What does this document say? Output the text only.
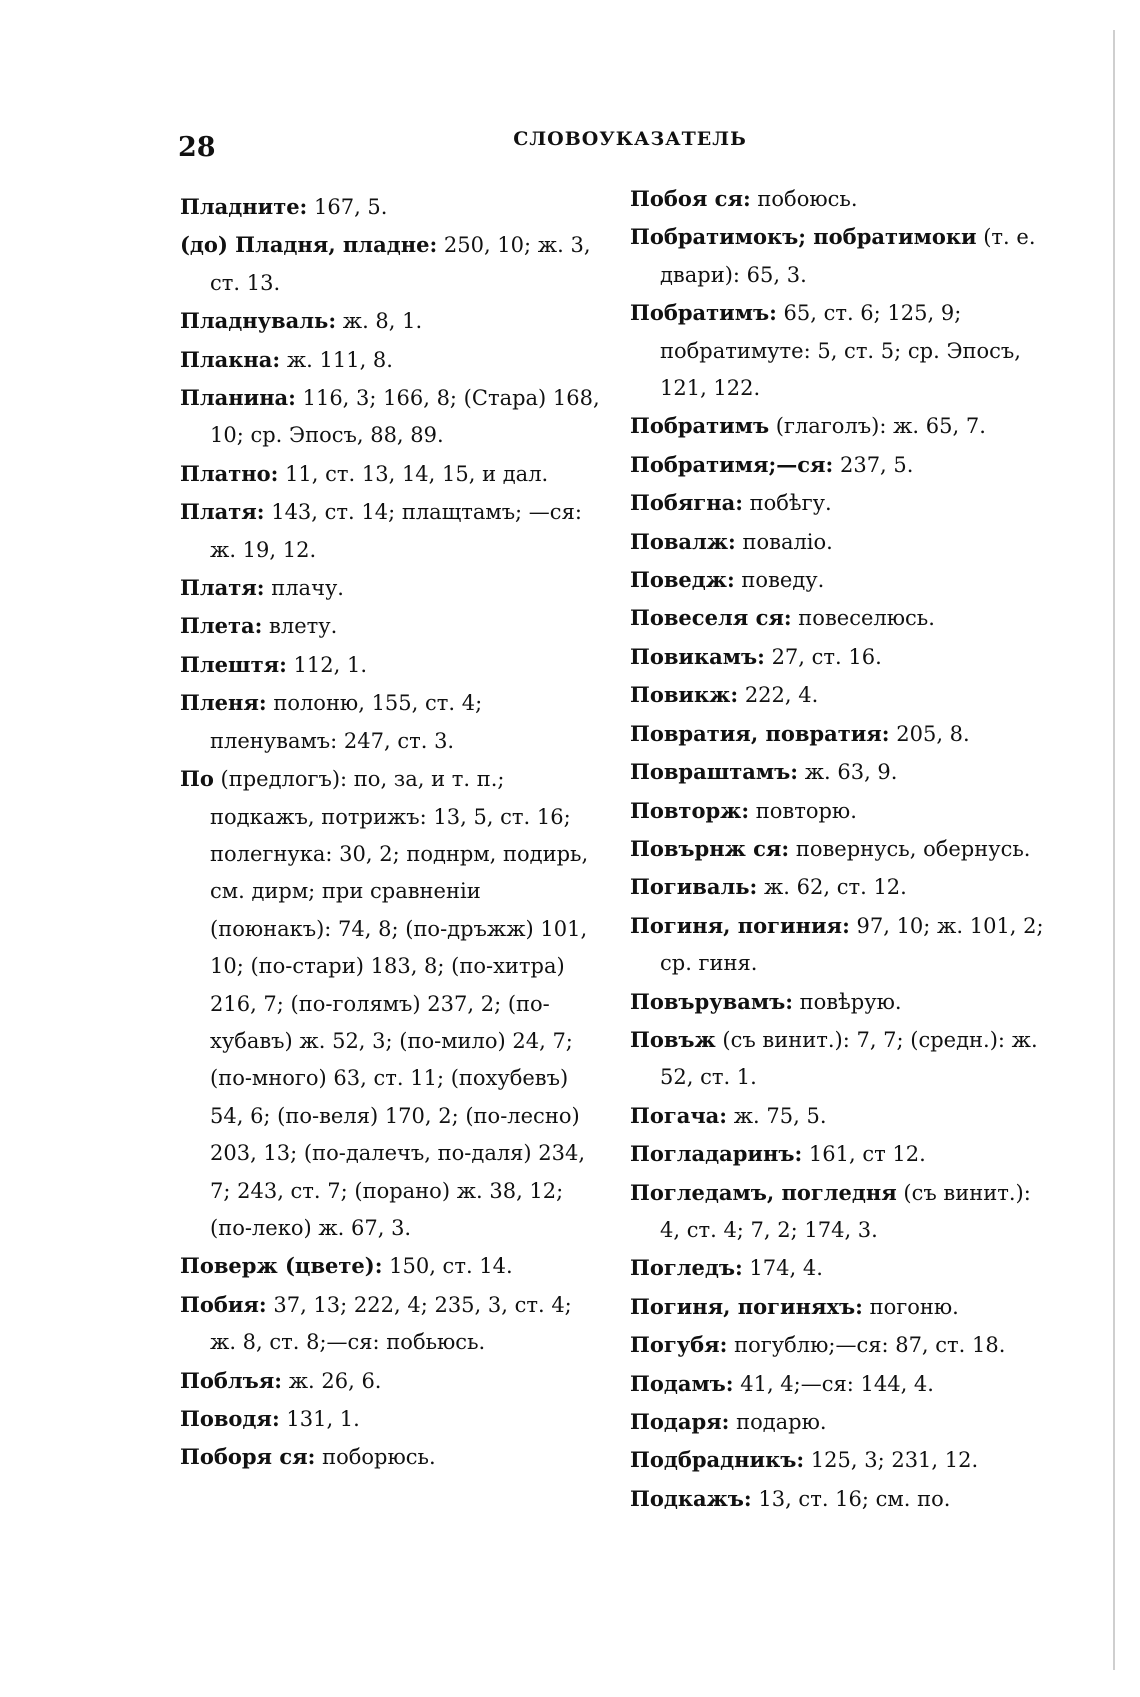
28	СЛОВОУКАЗАТЕЛЬ

Пладните: 167, 5.

(до) Пладня, пладне: 250, 10; ж. 3, ст. 13.

Пладнуваль: ж. 8, 1.

Плакна: ж. 111, 8.

Планина: 116, 3; 166, 8; (Стара) 168, 10; ср. Эпосъ, 88, 89.

Платно: 11, ст. 13, 14, 15, и дал.

Платя: 143, ст. 14; плащтамъ; —ся: ж. 19, 12.

Платя: плачу.

Плета: влету.

Плештя: 112, 1.

Пленя: полоню, 155, ст. 4; пленувамъ: 247, ст. 3.

По (предлогъ): по, за, и т. п.; подкажъ, потрижъ: 13, 5, ст. 16; полегнука: 30, 2; поднрм, подирь, см. дирм; при сравненіи (поюнакъ): 74, 8; (по-дръжж) 101, 10; (по-стари) 183, 8; (по-хитра) 216, 7; (по-голямъ) 237, 2; (по-хубавъ) ж. 52, 3; (по-мило) 24, 7; (по-много) 63, ст. 11; (похубевъ) 54, 6; (по-веля) 170, 2; (по-лесно) 203, 13; (по-далечъ, по-даля) 234, 7; 243, ст. 7; (порано) ж. 38, 12; (по-леко) ж. 67, 3.

Поверж (цвете): 150, ст. 14.

Побия: 37, 13; 222, 4; 235, 3, ст. 4; ж. 8, ст. 8;—ся: побьюсь.

Поблъя: ж. 26, 6.

Поводя: 131, 1.

Поборя ся: поборюсь.

Побоя ся: побоюсь.

Побратимокъ; побратимоки (т. е. двари): 65, 3.

Побратимъ: 65, ст. 6; 125, 9; побратимуте: 5, ст. 5; ср. Эпосъ, 121, 122.

Побратимъ (глаголъ): ж. 65, 7.

Побратимя;—ся: 237, 5.

Побягна: побѣгу.

Повалж: поваліо.

Поведж: поведу.

Повеселя ся: повеселюсь.

Повикамъ: 27, ст. 16.

Повикж: 222, 4.

Повратия, повратия: 205, 8.

Повраштамъ: ж. 63, 9.

Повторж: повторю.

Повърнж ся: повернусь, обернусь.

Погиваль: ж. 62, ст. 12.

Погиня, погиния: 97, 10; ж. 101, 2; ср. гиня.

Повърувамъ: повѣрую.

Повъж (съ винит.): 7, 7; (средн.): ж. 52, ст. 1.

Погача: ж. 75, 5.

Погладаринъ: 161, ст 12.

Погледамъ, погледня (съ винит.): 4, ст. 4; 7, 2; 174, 3.

Погледъ: 174, 4.

Погиня, погиняхъ: погоню.

Погубя: погублю;—ся: 87, ст. 18.

Подамъ: 41, 4;—ся: 144, 4.

Подаря: подарю.

Подбрадникъ: 125, 3; 231, 12.

Подкажъ: 13, ст. 16; см. по.
